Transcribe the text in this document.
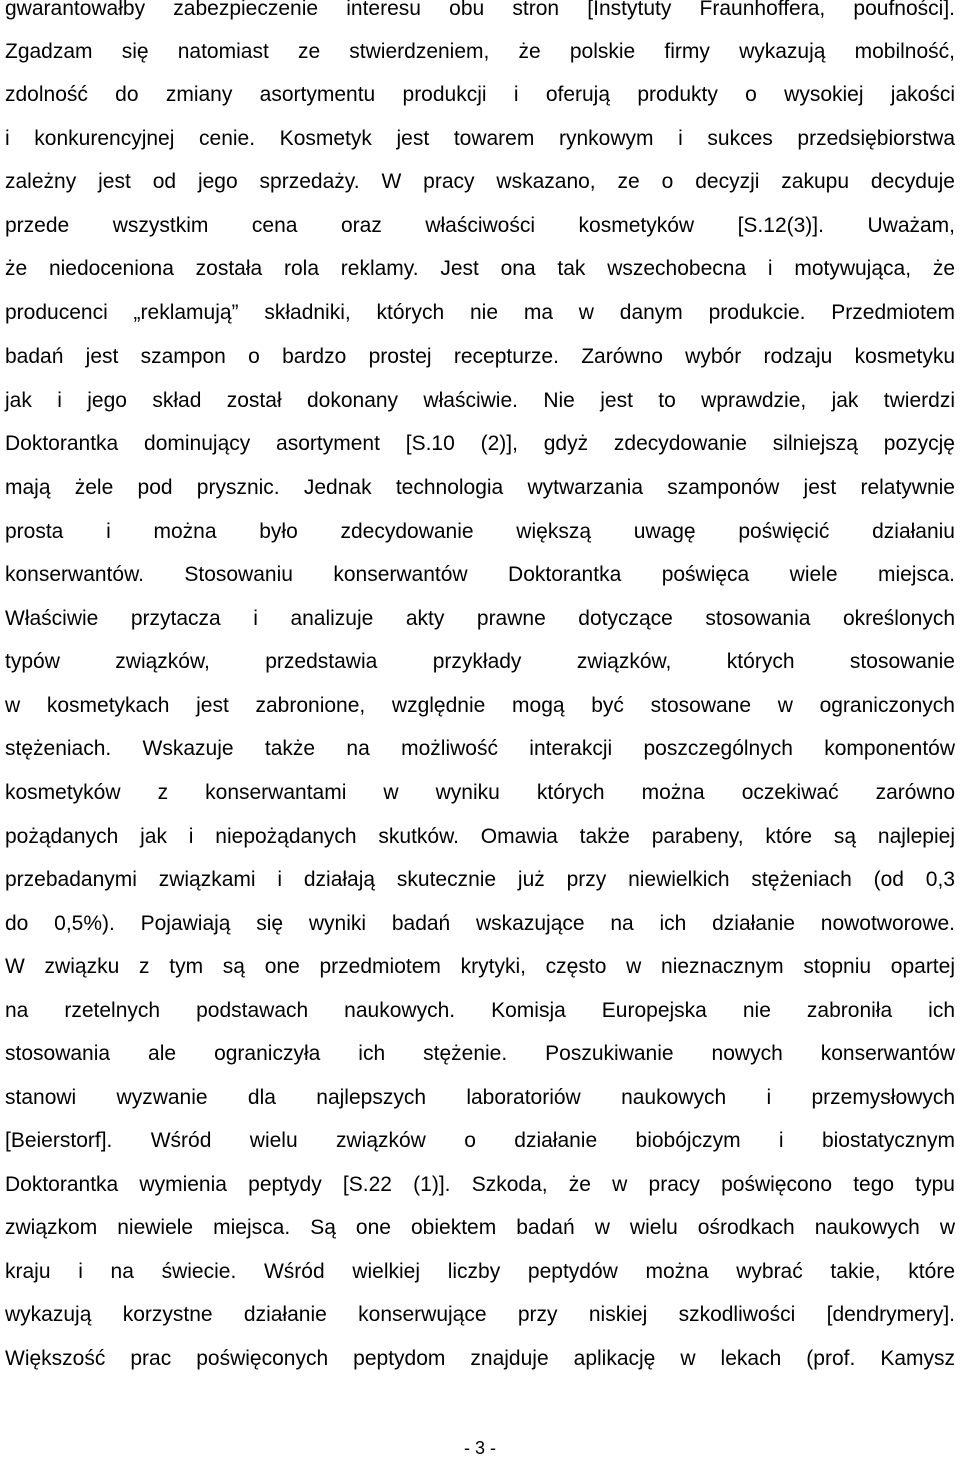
gwarantowałby zabezpieczenie interesu obu stron [Instytuty Fraunhoffera, poufności].
Zgadzam się natomiast ze stwierdzeniem, że polskie firmy wykazują mobilność,
zdolność do zmiany asortymentu produkcji i oferują produkty o wysokiej jakości
i konkurencyjnej cenie. Kosmetyk jest towarem rynkowym i sukces przedsiębiorstwa
zależny jest od jego sprzedaży. W pracy wskazano, ze o decyzji zakupu decyduje
przede wszystkim cena oraz właściwości kosmetyków [S.12(3)]. Uważam,
że niedoceniona została rola reklamy. Jest ona tak wszechobecna i motywująca, że
producenci „reklamują” składniki, których nie ma w danym produkcie. Przedmiotem
badań jest szampon o bardzo prostej recepturze. Zarówno wybór rodzaju kosmetyku
jak i jego skład został dokonany właściwie. Nie jest to wprawdzie, jak twierdzi
Doktorantka dominujący asortyment [S.10 (2)], gdyż zdecydowanie silniejszą pozycję
mają żele pod prysznic. Jednak technologia wytwarzania szamponów jest relatywnie
prosta i można było zdecydowanie większą uwagę poświęcić działaniu
konserwantów. Stosowaniu konserwantów Doktorantka poświęca wiele miejsca.
Właściwie przytacza i analizuje akty prawne dotyczące stosowania określonych
typów związków, przedstawia przykłady związków, których stosowanie
w kosmetykach jest zabronione, względnie mogą być stosowane w ograniczonych
stężeniach. Wskazuje także na możliwość interakcji poszczególnych komponentów
kosmetyków z konserwantami w wyniku których można oczekiwać zarówno
pożądanych jak i niepożądanych skutków. Omawia także parabeny, które są najlepiej
przebadanymi związkami i działają skutecznie już przy niewielkich stężeniach (od 0,3
do 0,5%). Pojawiają się wyniki badań wskazujące na ich działanie nowotworowe.
W związku z tym są one przedmiotem krytyki, często w nieznacznym stopniu opartej
na rzetelnych podstawach naukowych. Komisja Europejska nie zabroniła ich
stosowania ale ograniczyła ich stężenie. Poszukiwanie nowych konserwantów
stanowi wyzwanie dla najlepszych laboratoriów naukowych i przemysłowych
[Beierstorf]. Wśród wielu związków o działanie biobójczym i biostatycznym
Doktorantka wymienia peptydy [S.22 (1)]. Szkoda, że w pracy poświęcono tego typu
związkom niewiele miejsca. Są one obiektem badań w wielu ośrodkach naukowych w
kraju i na świecie. Wśród wielkiej liczby peptydów można wybrać takie, które
wykazują korzystne działanie konserwujące przy niskiej szkodliwości [dendrymery].
Większość prac poświęconych peptydom znajduje aplikację w lekach (prof. Kamysz
- 3 -
